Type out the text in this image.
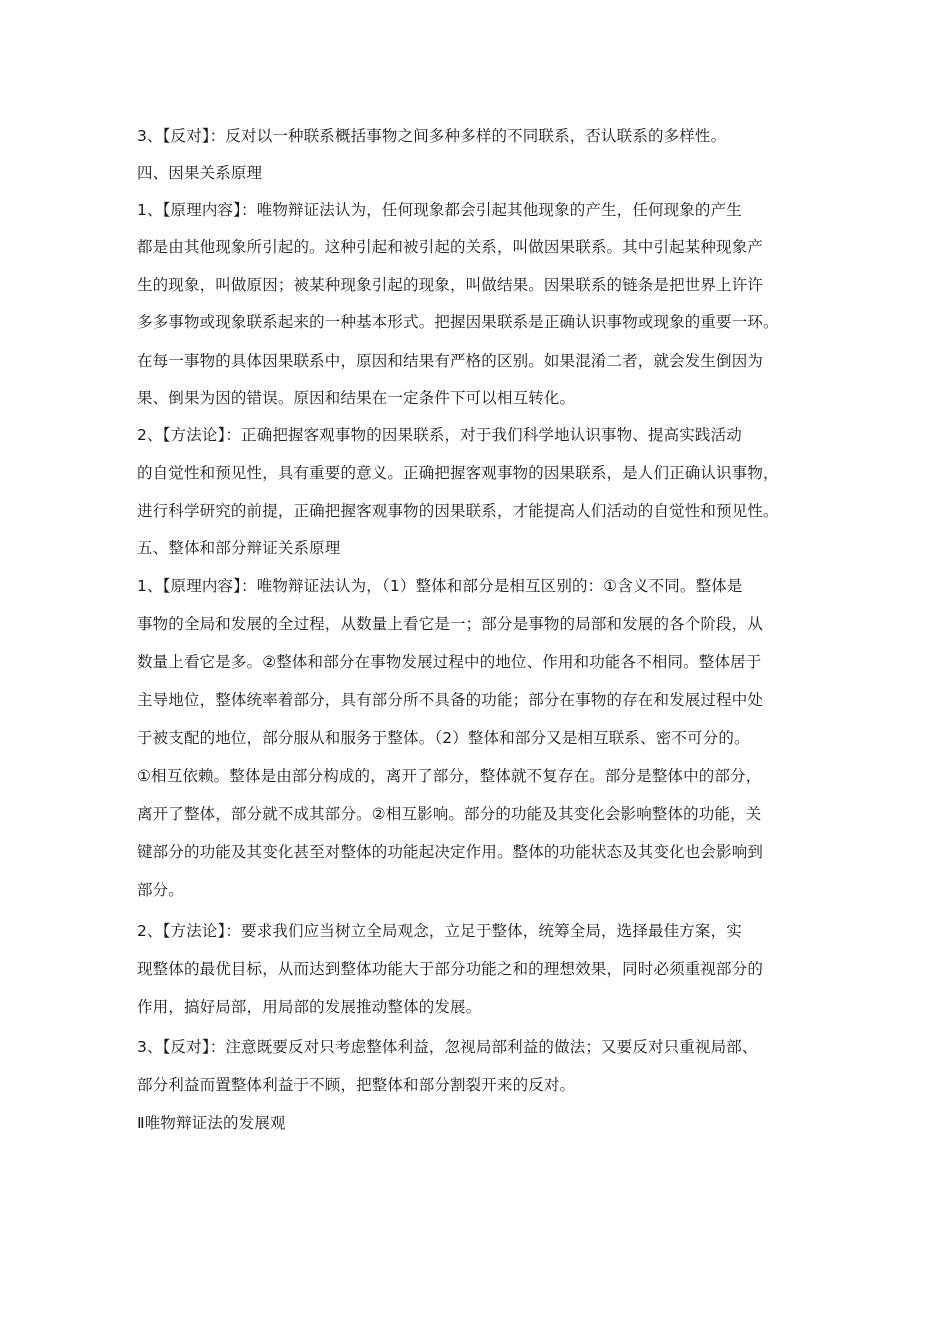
3、【反对】：反对以一种联系概括事物之间多种多样的不同联系，否认联系的多样性。
四、因果关系原理
1、【原理内容】：唯物辩证法认为，任何现象都会引起其他现象的产生，任何现象的产生
都是由其他现象所引起的。这种引起和被引起的关系，叫做因果联系。其中引起某种现象产
生的现象，叫做原因；被某种现象引起的现象，叫做结果。因果联系的链条是把世界上许许
多多事物或现象联系起来的一种基本形式。把握因果联系是正确认识事物或现象的重要一环。
在每一事物的具体因果联系中，原因和结果有严格的区别。如果混淆二者，就会发生倒因为
果、倒果为因的错误。原因和结果在一定条件下可以相互转化。
2、【方法论】：正确把握客观事物的因果联系，对于我们科学地认识事物、提高实践活动
的自觉性和预见性，具有重要的意义。正确把握客观事物的因果联系，是人们正确认识事物，
进行科学研究的前提，正确把握客观事物的因果联系，才能提高人们活动的自觉性和预见性。
五、整体和部分辩证关系原理
1、【原理内容】：唯物辩证法认为，（1）整体和部分是相互区别的：①含义不同。整体是
事物的全局和发展的全过程，从数量上看它是一；部分是事物的局部和发展的各个阶段，从
数量上看它是多。②整体和部分在事物发展过程中的地位、作用和功能各不相同。整体居于
主导地位，整体统率着部分，具有部分所不具备的功能；部分在事物的存在和发展过程中处
于被支配的地位，部分服从和服务于整体。（2）整体和部分又是相互联系、密不可分的。
①相互依赖。整体是由部分构成的，离开了部分，整体就不复存在。部分是整体中的部分，
离开了整体，部分就不成其部分。②相互影响。部分的功能及其变化会影响整体的功能，关
键部分的功能及其变化甚至对整体的功能起决定作用。整体的功能状态及其变化也会影响到
部分。
2、【方法论】：要求我们应当树立全局观念，立足于整体，统筹全局，选择最佳方案，实
现整体的最优目标，从而达到整体功能大于部分功能之和的理想效果，同时必须重视部分的
作用，搞好局部，用局部的发展推动整体的发展。
3、【反对】：注意既要反对只考虑整体利益，忽视局部利益的做法；又要反对只重视局部、
部分利益而置整体利益于不顾，把整体和部分割裂开来的反对。
Ⅱ唯物辩证法的发展观
